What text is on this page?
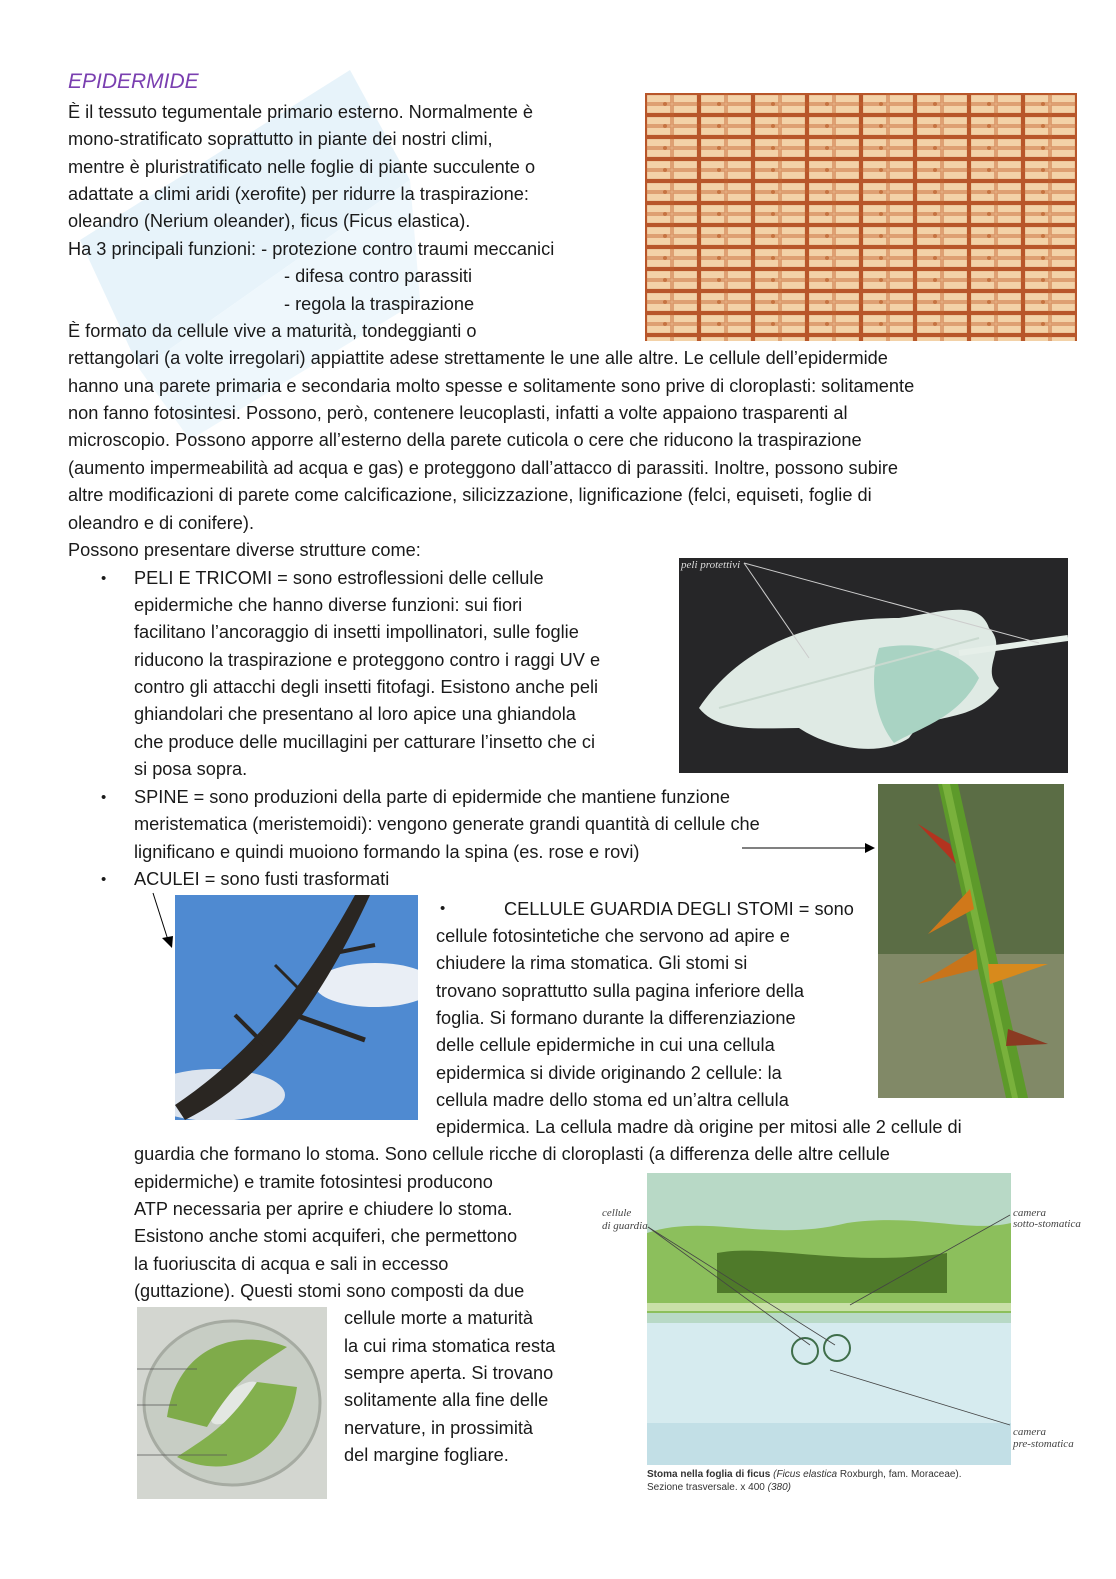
EPIDERMIDE
È il tessuto tegumentale primario esterno. Normalmente è
mono-stratificato soprattutto in piante dei nostri climi,
mentre è pluristratificato nelle foglie di piante succulente o
adattate a climi aridi (xerofite) per ridurre la traspirazione:
oleandro (Nerium oleander), ficus (Ficus elastica).
Ha 3 principali funzioni: - protezione contro traumi meccanici
- difesa contro parassiti
- regola la traspirazione
È formato da cellule vive a maturità, tondeggianti o
rettangolari (a volte irregolari) appiattite adese strettamente le une alle altre. Le cellule dell’epidermide
hanno una parete primaria e secondaria molto spesse e solitamente sono prive di cloroplasti: solitamente
non fanno fotosintesi. Possono, però, contenere leucoplasti, infatti a volte appaiono trasparenti al
microscopio. Possono apporre all’esterno della parete cuticola o cere che riducono la traspirazione
(aumento impermeabilità ad acqua e gas) e proteggono dall’attacco di parassiti. Inoltre, possono subire
altre modificazioni di parete come calcificazione, silicizzazione, lignificazione (felci, equiseti, foglie di
oleandro e di conifere).
Possono presentare diverse strutture come:
• PELI E TRICOMI = sono estroflessioni delle cellule
epidermiche che hanno diverse funzioni: sui fiori
facilitano l’ancoraggio di insetti impollinatori, sulle foglie
riducono la traspirazione e proteggono contro i raggi UV e
contro gli attacchi degli insetti fitofagi. Esistono anche peli
ghiandolari che presentano al loro apice una ghiandola
che produce delle mucillagini per catturare l’insetto che ci
si posa sopra.
• SPINE = sono produzioni della parte di epidermide che mantiene funzione
meristematica (meristemoidi): vengono generate grandi quantità di cellule che
lignificano e quindi muoiono formando la spina (es. rose e rovi)
• ACULEI = sono fusti trasformati
•	CELLULE GUARDIA DEGLI STOMI = sono
cellule fotosintetiche che servono ad apire e
chiudere la rima stomatica. Gli stomi si
trovano soprattutto sulla pagina inferiore della
foglia. Si formano durante la differenziazione
delle cellule epidermiche in cui una cellula
epidermica si divide originando 2 cellule: la
cellula madre dello stoma ed un’altra cellula
epidermica. La cellula madre dà origine per mitosi alle 2 cellule di
guardia che formano lo stoma. Sono cellule ricche di cloroplasti (a differenza delle altre cellule
epidermiche) e tramite fotosintesi producono
ATP necessaria per aprire e chiudere lo stoma.
Esistono anche stomi acquiferi, che permettono
la fuoriuscita di acqua e sali in eccesso
(guttazione). Questi stomi sono composti da due
cellule morte a maturità
la cui rima stomatica resta
sempre aperta. Si trovano
solitamente alla fine delle
nervature, in prossimità
del margine fogliare.
peli protettivi
cellule
di guardia
camera
sotto-stomatica
camera
pre-stomatica
Stoma nella foglia di ficus (Ficus elastica Roxburgh, fam. Moraceae).
Sezione trasversale. x 400 (380)
